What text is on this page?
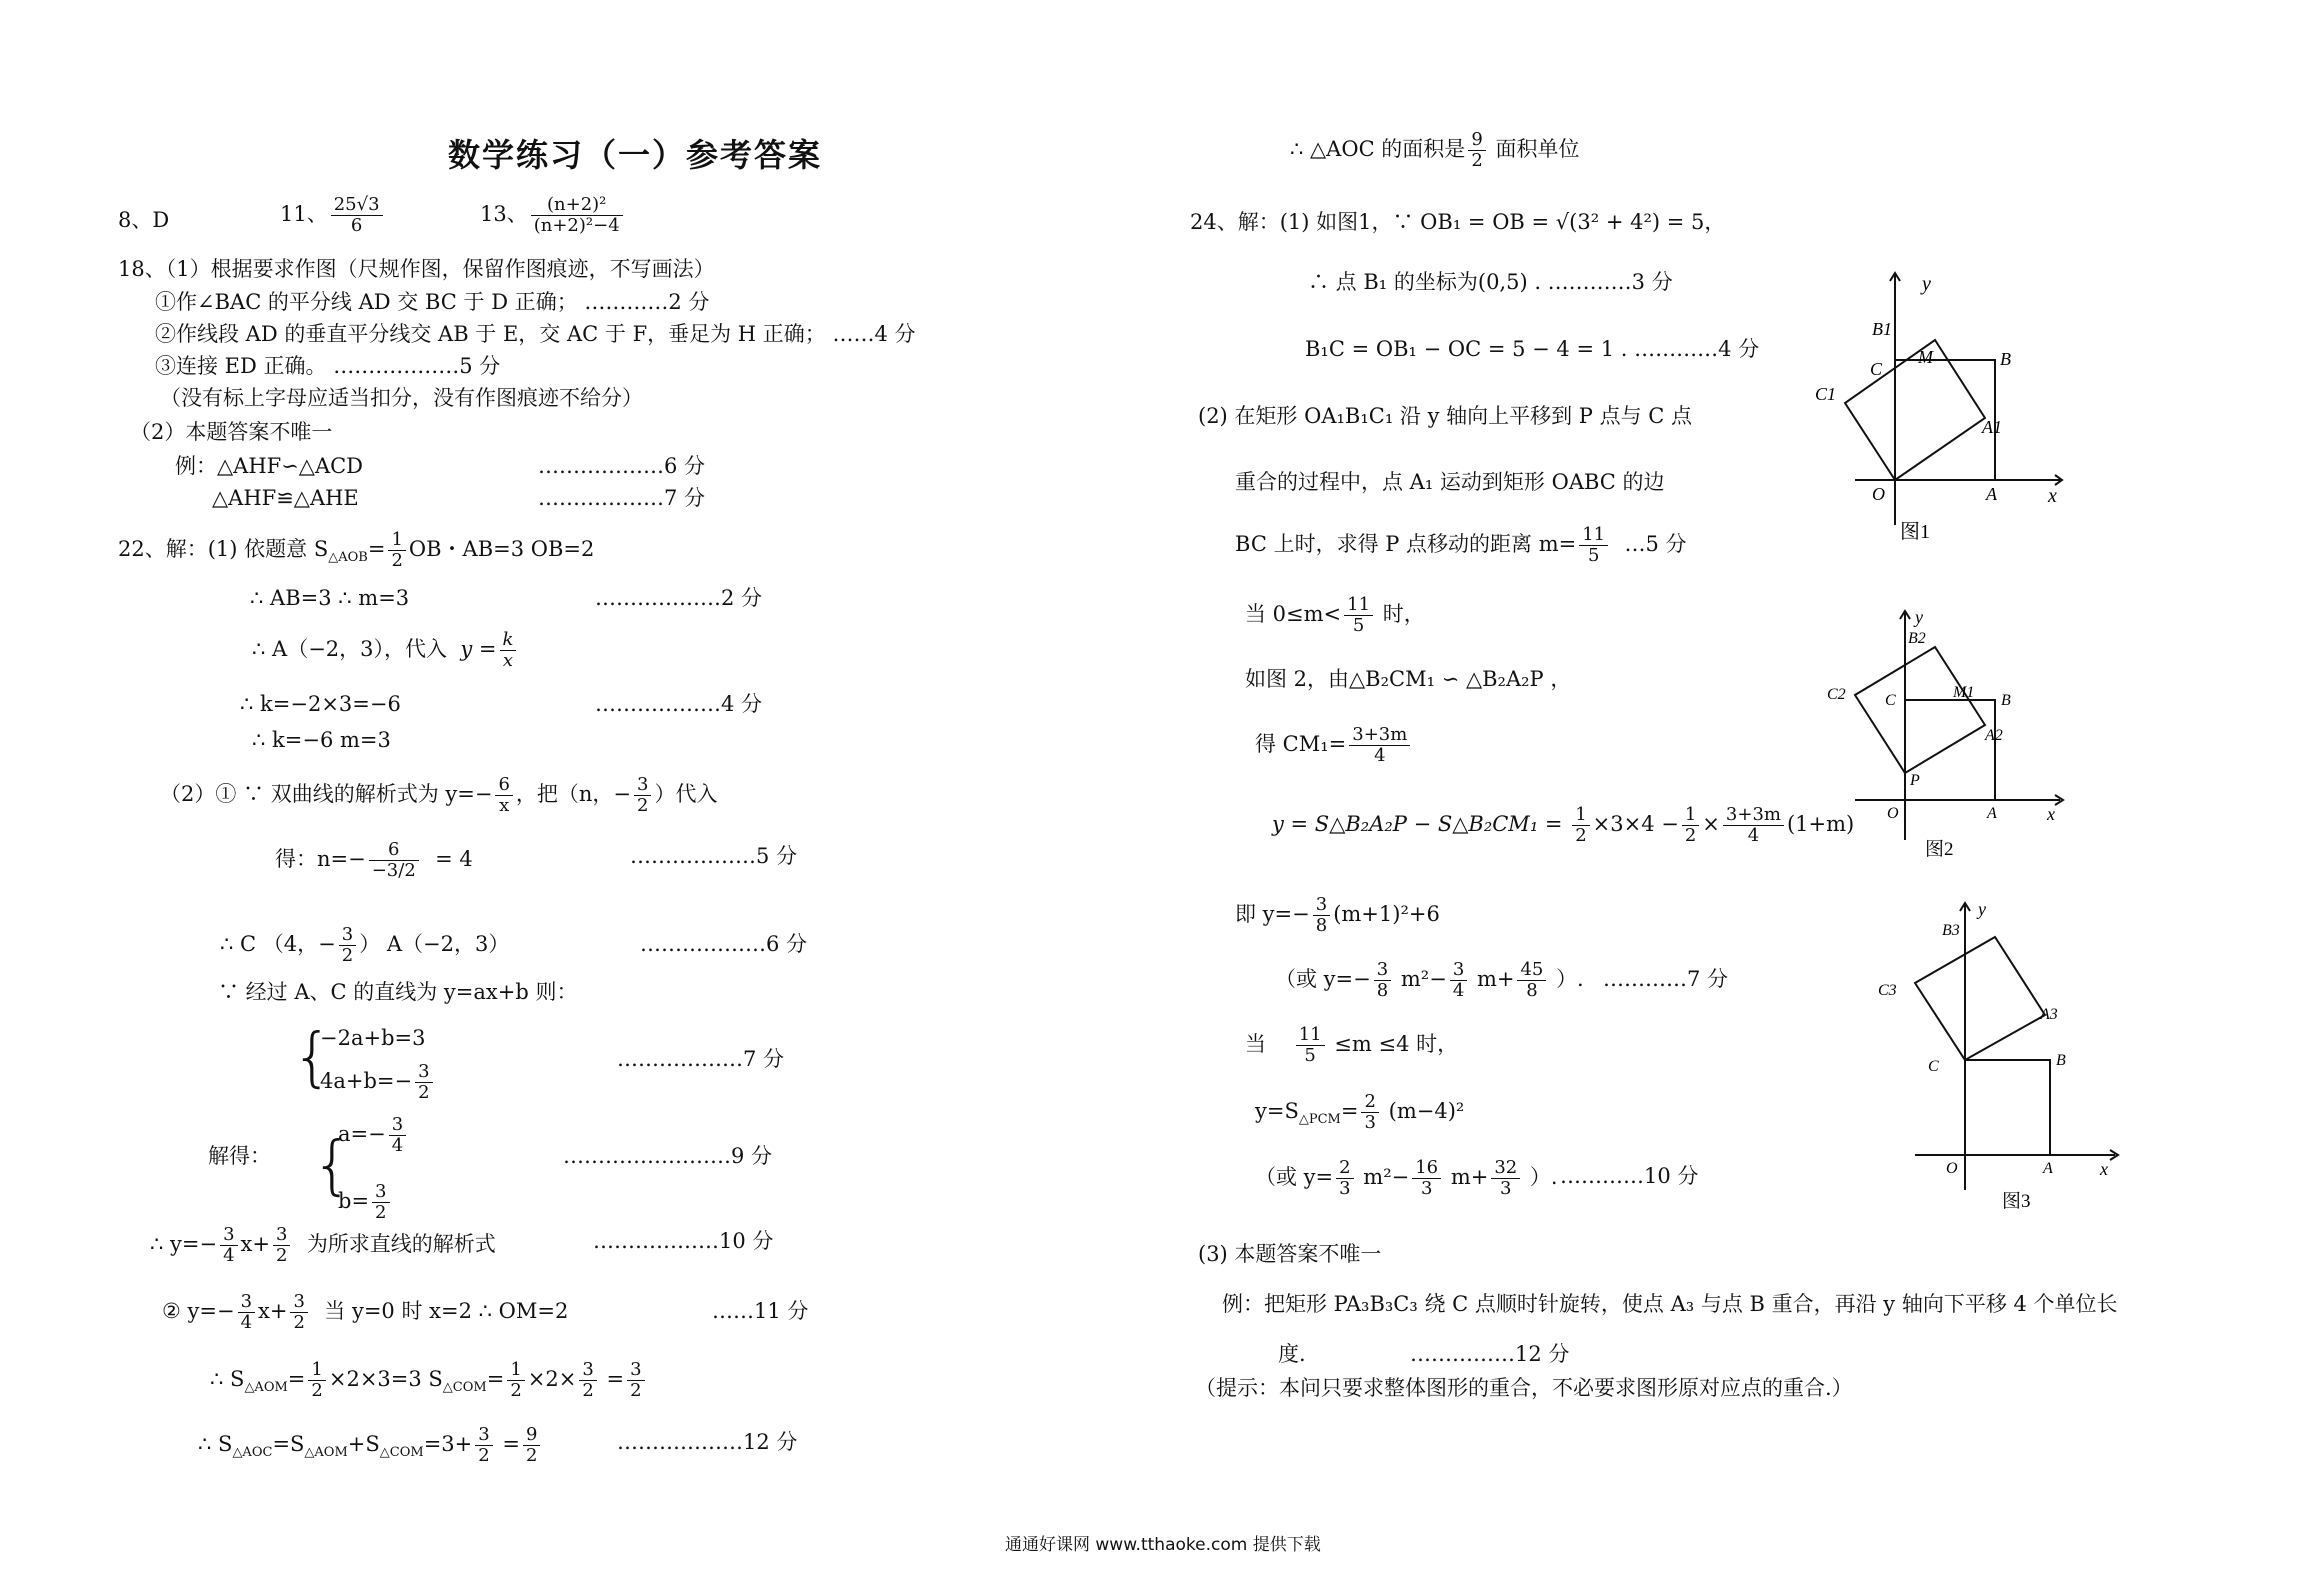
数学练习（一）参考答案
8、D	11、 $\frac{25√3}{6}$	13、 $\frac{\text{(n+2)²}}{\text{(n+2)²−4}}$
18、（1）根据要求作图（尺规作图，保留作图痕迹，不写画法）
①作∠BAC 的平分线 AD 交 BC 于 D 正确； …………2 分
②作线段 AD 的垂直平分线交 AB 于 E，交 AC 于 F，垂足为 H 正确； ……4 分
③连接 ED 正确。 ………………5 分
（没有标上字母应适当扣分，没有作图痕迹不给分）
（2）本题答案不唯一
例：△AHF∽△ACD	………………6 分
△AHF≌△AHE	………………7 分
22、解：(1) 依题意 $S_{\triangle AOB}= \frac{1}{2}$ OB・AB=3 OB=2
∴ AB=3 ∴ m=3	………………2 分
∴ A（−2，3），代入 $y = \frac{k}{x}$
∴ k=−2×3=−6	………………4 分
∴ k=−6 m=3
（2）① ∵ 双曲线的解析式为 $y=- \frac{6}{x}$ ，把（n，− $\frac{3}{2}$ ）代入
得：$n=- \frac{6}{-3/2} = 4$	………………5 分
∴ C （4，− $\frac{3}{2}$ ） A（−2，3）	………………6 分
∵ 经过 A、C 的直线为 y=ax+b 则：
{
−2a+b=3
$4a+b=- \frac{3}{2}$
………………7 分
解得： {
$a=- \frac{3}{4}$	……………………9 分
$b= \frac{3}{2}$
∴ $y=- \frac{3}{4} x+ \frac{3}{2}$ 为所求直线的解析式	………………10 分
② $y=- \frac{3}{4} x+ \frac{3}{2}$ 当 y=0 时 x=2 ∴ OM=2	……11 分
∴ $S_{\triangle AOM}= \frac{1}{2} \times 2\times 3=3$ $S_{\triangle COM}= \frac{1}{2} \times 2\times \frac{3}{2} = \frac{3}{2}$
∴ $S_{\triangle AOC}=S_{\triangle AOM}+S_{\triangle COM}=3+ \frac{3}{2} = \frac{9}{2}$	………………12 分
∴ △AOC 的面积是 $\frac{9}{2}$ 面积单位
24、解：(1) 如图1，∵ OB₁ = OB = √(3² + 4²) = 5，
∴ 点 B₁ 的坐标为(0,5) . …………3 分
B₁C = OB₁ − OC = 5 − 4 = 1 . …………4 分
(2) 在矩形 OA₁B₁C₁ 沿 y 轴向上平移到 P 点与 C 点
重合的过程中，点 A₁ 运动到矩形 OABC 的边
BC 上时，求得 P 点移动的距离 $m= \frac{11}{5}$ …5 分
当 $0\le m< \frac{11}{5}$ 时，
如图 2，由△B₂CM₁ ∽ △B₂A₂P ，
得 $CM_1= \frac{3+3m}{4}$
y = S△B₂A₂P − S△B₂CM₁ = $\frac{1}{2} \times 3\times 4 - \frac{1}{2} \times \frac{3+3m}{4} (1+m)$
即 $y=- \frac{3}{8} (m+1)^2+6$
（或 $y=- \frac{3}{8} m^2- \frac{3}{4} m+ \frac{45}{8}$ ）. …………7 分
当 $\frac{11}{5} \le m \le 4$ 时，
$y=S_{\triangle PCM}= \frac{2}{3} (m-4)^2$
（或 $y= \frac{2}{3} m^2- \frac{16}{3} m+ \frac{32}{3}$ ）. …………10 分
(3) 本题答案不唯一
例：把矩形 PA₃B₃C₃ 绕 C 点顺时针旋转，使点 A₃ 与点 B 重合，再沿 y 轴向下平移 4 个单位长
度.	……………12 分
（提示：本问只要求整体图形的重合，不必要求图形原对应点的重合.）
y
x
O	A
B
C
M
B1
C1
A1
图1
y
x
O	A
B
C	M1
B2
C2
A2
P
图2
y
x
O	A
B
C
B3
C3
A3
图3
通通好课网 www.tthaoke.com 提供下载
